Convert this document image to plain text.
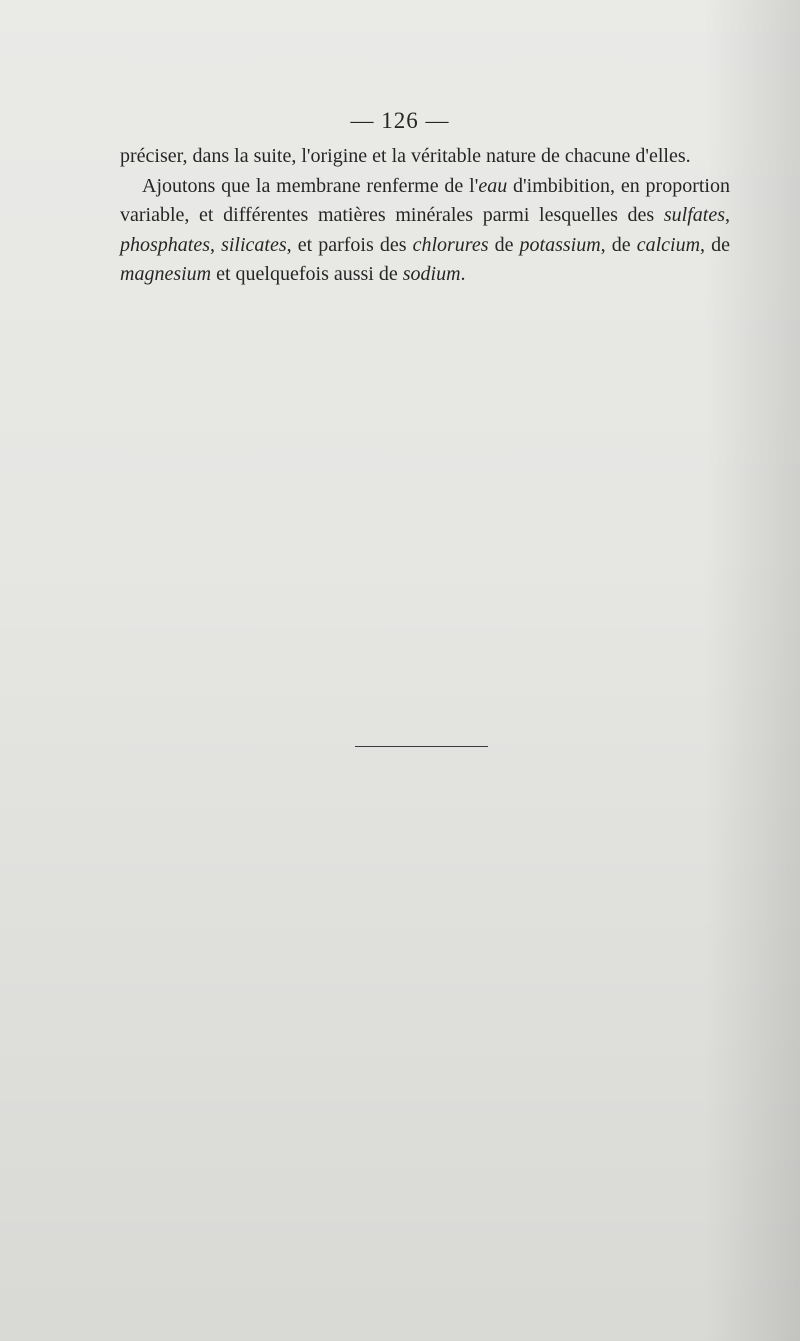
— 126 —

préciser, dans la suite, l'origine et la véritable nature de chacune d'elles.

Ajoutons que la membrane renferme de l'eau d'imbibition, en proportion variable, et différentes matières minérales parmi lesquelles des sulfates, phosphates, silicates, et parfois des chlorures de potassium, de calcium, de magnesium et quelquefois aussi de sodium.
